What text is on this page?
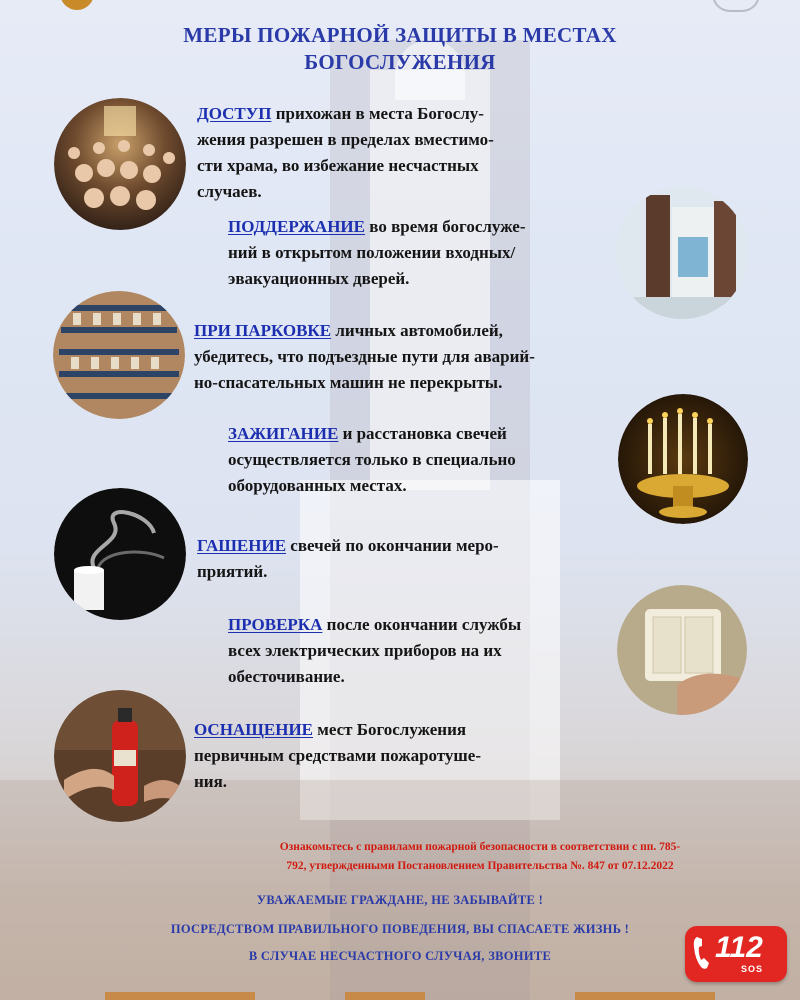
МЕРЫ ПОЖАРНОЙ ЗАЩИТЫ В МЕСТАХ
БОГОСЛУЖЕНИЯ
ДОСТУП прихожан в места Богослу-
жения разрешен в пределах вместимо-
сти храма, во избежание несчастных
случаев.
ПОДДЕРЖАНИЕ во время богослуже-
ний в открытом положении входных/
эвакуационных дверей.
ПРИ ПАРКОВКЕ личных автомобилей,
убедитесь, что подъездные пути для аварий-
но-спасательных машин не перекрыты.
ЗАЖИГАНИЕ и расстановка свечей
осуществляется только в специально
оборудованных местах.
ГАШЕНИЕ свечей по окончании меро-
приятий.
ПРОВЕРКА после окончании службы
всех электрических приборов на их
обесточивание.
ОСНАЩЕНИЕ мест Богослужения
первичным средствами пожаротуше-
ния.
Ознакомьтесь с правилами пожарной безопасности в соответствии с пп. 785-
792, утвержденными Постановлением Правительства №. 847 от 07.12.2022
УВАЖАЕМЫЕ ГРАЖДАНЕ, НЕ ЗАБЫВАЙТЕ !
ПОСРЕДСТВОМ ПРАВИЛЬНОГО ПОВЕДЕНИЯ, ВЫ СПАСАЕТЕ ЖИЗНЬ !
В СЛУЧАЕ НЕСЧАСТНОГО СЛУЧАЯ, ЗВОНИТЕ	112
SOS
